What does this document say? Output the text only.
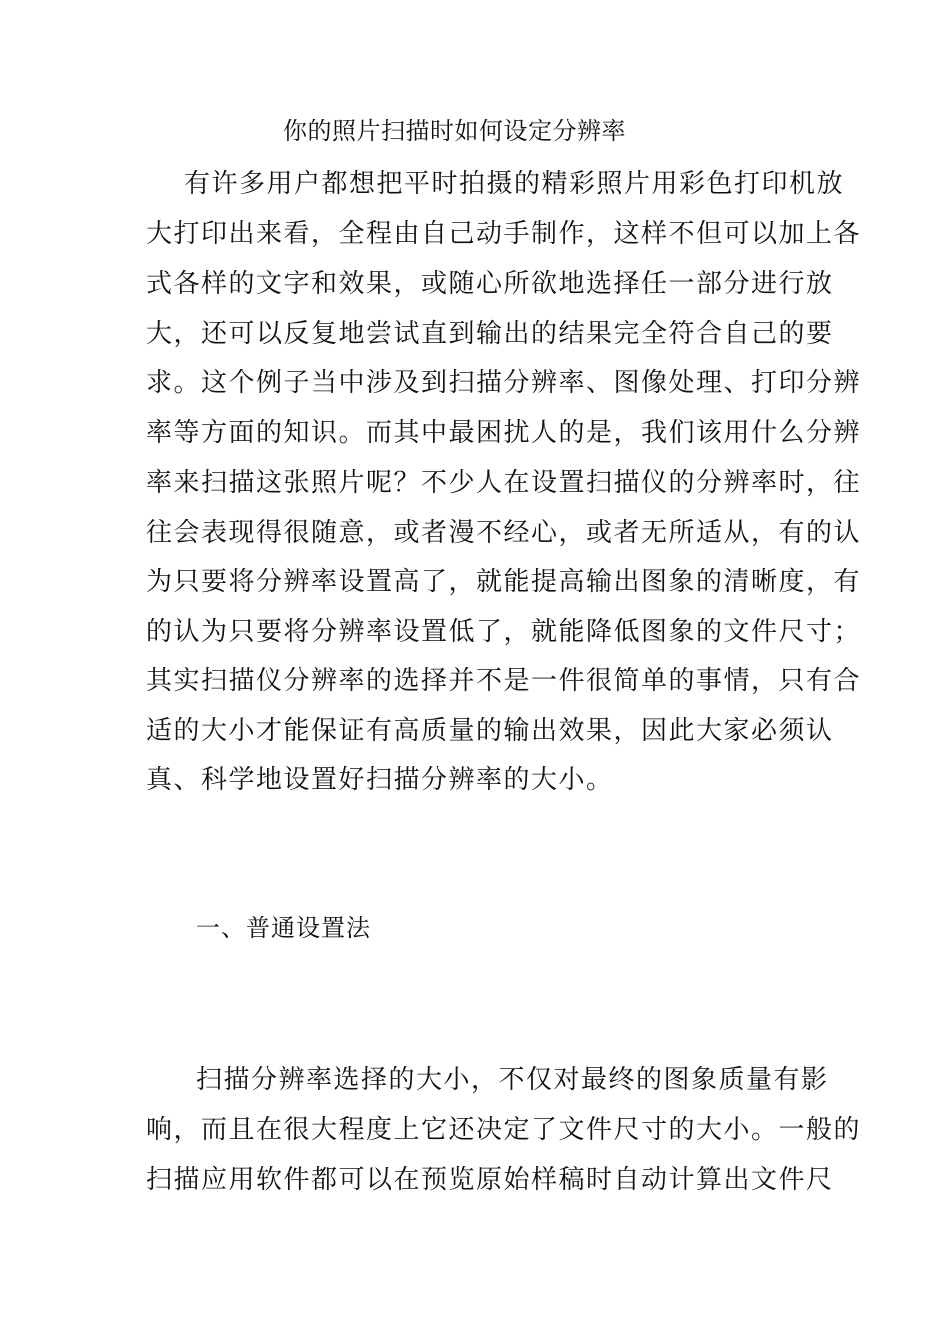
你的照片扫描时如何设定分辨率
有许多用户都想把平时拍摄的精彩照片用彩色打印机放
大打印出来看，全程由自己动手制作，这样不但可以加上各
式各样的文字和效果，或随心所欲地选择任一部分进行放
大，还可以反复地尝试直到输出的结果完全符合自己的要
求。这个例子当中涉及到扫描分辨率、图像处理、打印分辨
率等方面的知识。而其中最困扰人的是，我们该用什么分辨
率来扫描这张照片呢？不少人在设置扫描仪的分辨率时，往
往会表现得很随意，或者漫不经心，或者无所适从，有的认
为只要将分辨率设置高了，就能提高输出图象的清晰度，有
的认为只要将分辨率设置低了，就能降低图象的文件尺寸；
其实扫描仪分辨率的选择并不是一件很简单的事情，只有合
适的大小才能保证有高质量的输出效果，因此大家必须认
真、科学地设置好扫描分辨率的大小。
一、普通设置法
扫描分辨率选择的大小，不仅对最终的图象质量有影
响，而且在很大程度上它还决定了文件尺寸的大小。一般的
扫描应用软件都可以在预览原始样稿时自动计算出文件尺
